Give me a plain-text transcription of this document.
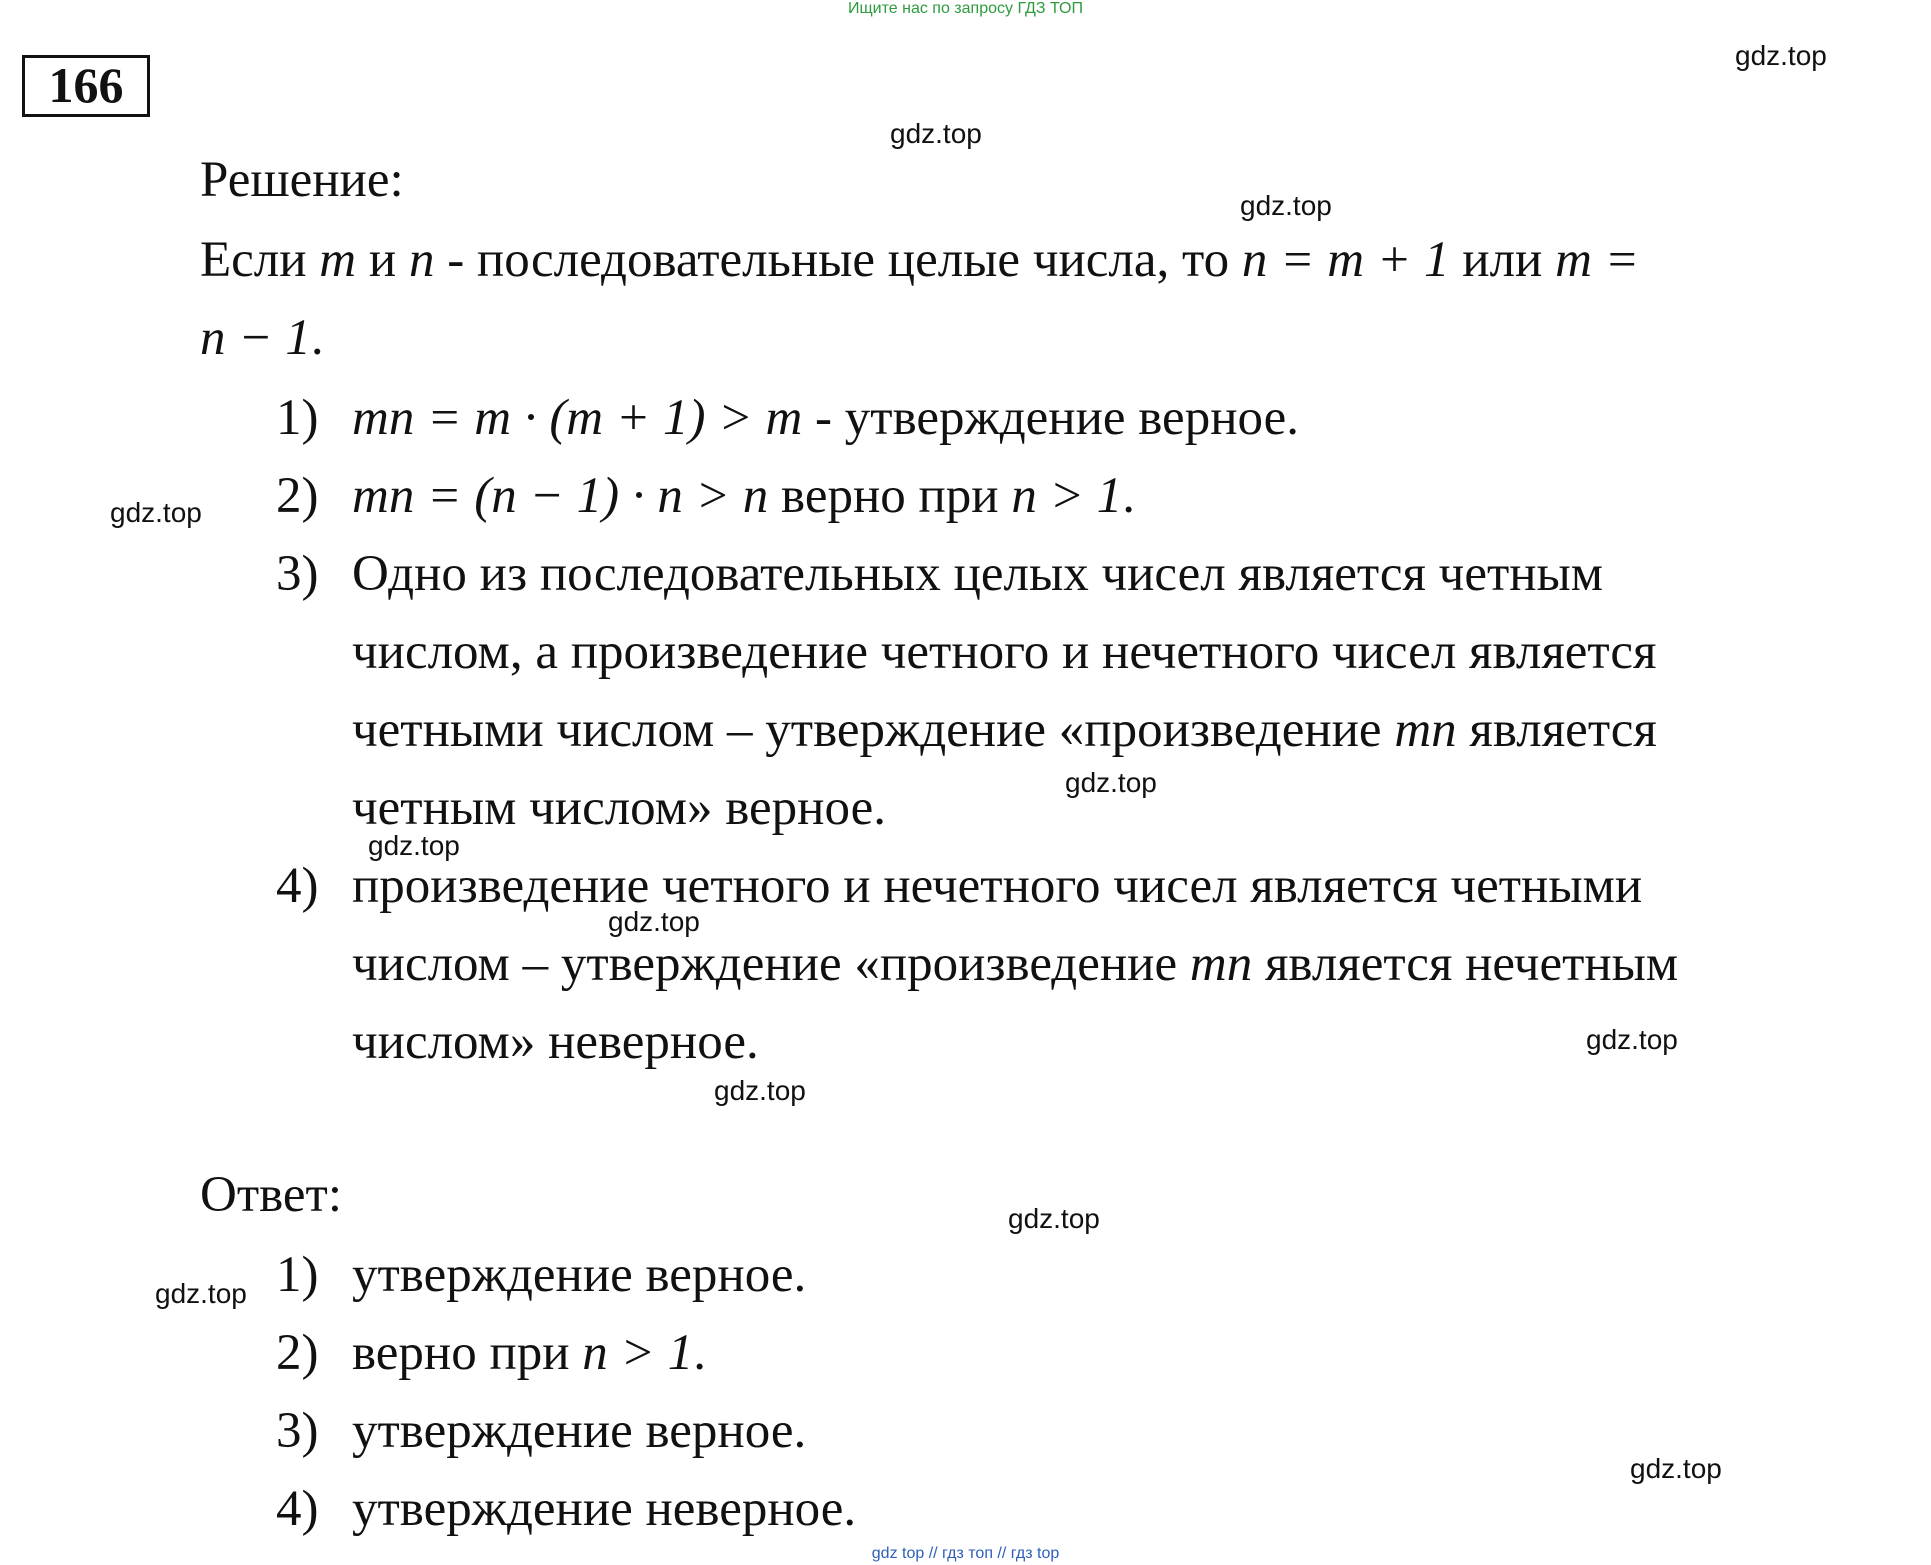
Ищите нас по запросу ГДЗ ТОП
166
gdz.top
gdz.top
gdz.top
gdz.top
gdz.top
gdz.top
gdz.top
gdz.top
gdz.top
gdz.top
gdz.top
gdz.top
Решение:
Если m и n - последовательные целые числа, то n = m + 1 или m =
n − 1.
1) mn = m · (m + 1) > m - утверждение верное.
2) mn = (n − 1) · n > n верно при n > 1.
3) Одно из последовательных целых чисел является четным
числом, а произведение четного и нечетного чисел является
четными числом – утверждение «произведение mn является
четным числом» верное.
4) произведение четного и нечетного чисел является четными
числом – утверждение «произведение mn является нечетным
числом» неверное.
Ответ:
1) утверждение верное.
2) верно при n > 1.
3) утверждение верное.
4) утверждение неверное.
gdz top // гдз топ // гдз top
